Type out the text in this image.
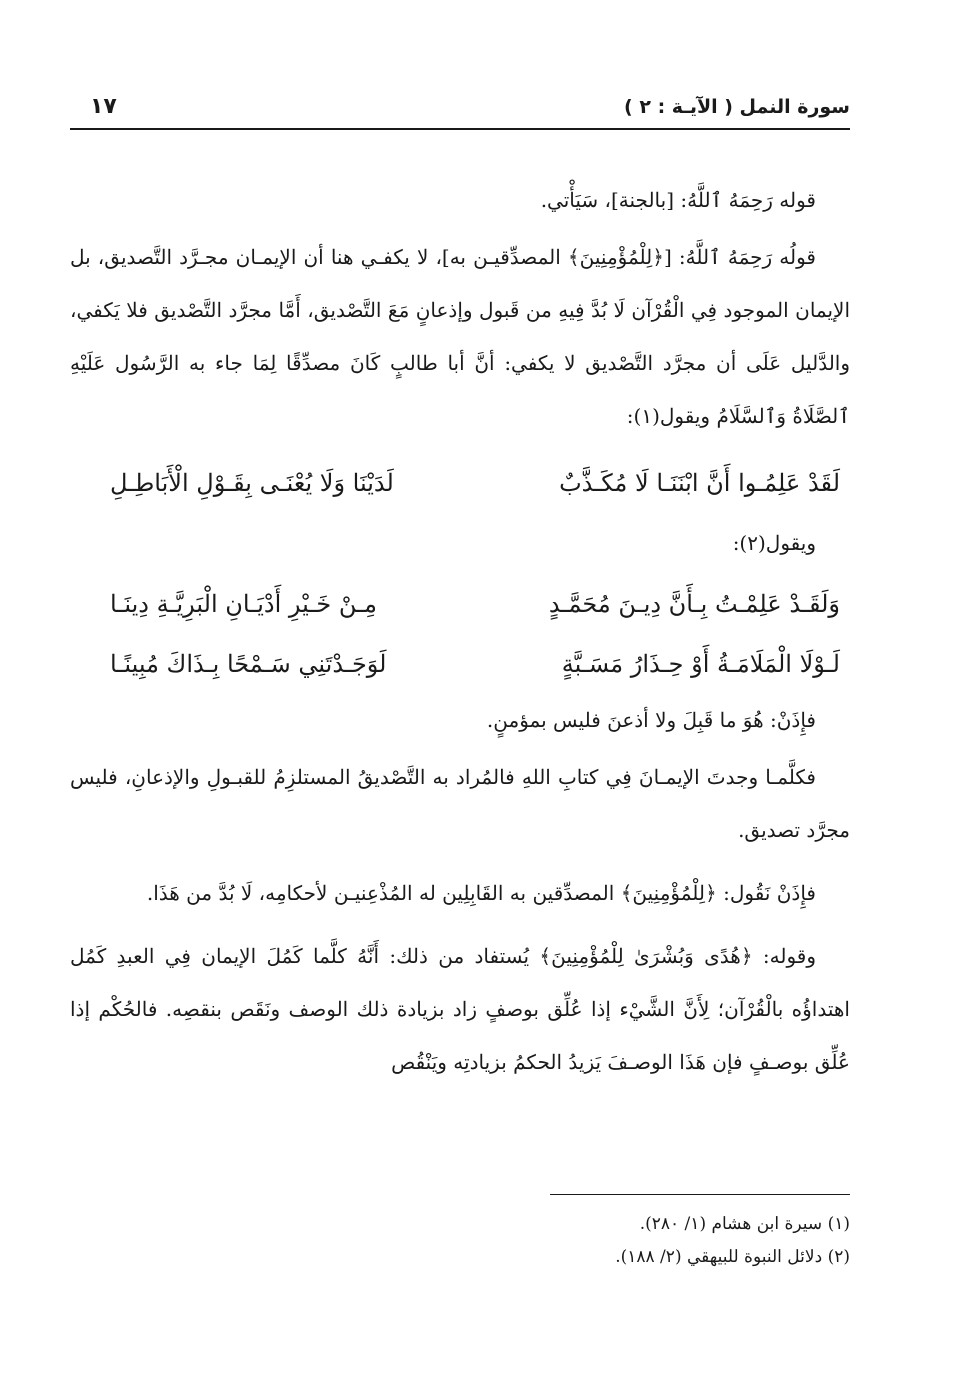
سورة النمل ( الآيـة : ٢ )
١٧

قوله رَحِمَهُ ٱللَّهُ: [بالجنة]، سَيَأْتي.

قولُه رَحِمَهُ ٱللَّهُ: [﴿لِلْمُؤْمِنِينَ﴾ المصدِّقيـن به]، لا يكفـي هنا أن الإيمـان مجـرَّد التَّصديق، بل الإيمان الموجود فِي الْقُرْآن لَا بُدَّ فِيهِ من قَبول وإذعانٍ مَعَ التَّصْديق، أَمَّا مجرَّد التَّصْديق فلا يَكفي، والدَّليل عَلَى أن مجرَّد التَّصْديق لا يكفي: أنَّ أبا طالبٍ كَانَ مصدِّقًا لِمَا جاء به الرَّسُول عَلَيْهِ ٱلصَّلَاةُ وَٱلسَّلَامُ ويقول(١):

لَقَدْ عَلِمُـوا أَنَّ ابْنَنَـا لَا مُكَـذَّبٌ
لَدَيْنَا وَلَا يُعْنَـى بِقَـوْلِ الْأَبَاطِـلِ

ويقول(٢):

وَلَقَـدْ عَلِمْـتُ بِـأَنَّ دِيـنَ مُحَمَّـدٍ
مِـنْ خَـيْرِ أَدْيَـانِ الْبَرِيَّـةِ دِينَـا
لَـوْلَا الْمَلَامَـةُ أَوْ حِـذَارُ مَسَـبَّةٍ
لَوَجَـدْتَنِي سَـمْحًا بِـذَاكَ مُبِينًـا

فإِذَنْ: هُوَ ما قَبِلَ ولا أذعنَ فليس بمؤمنٍ.

فكلَّمـا وجدتَ الإيمـانَ فِي كتابِ اللهِ فالمُراد به التَّصْديقُ المستلزِمُ للقبـولِ والإذعانِ، فليس مجرَّد تصديق.

فإِذَنْ نَقُول: ﴿لِلْمُؤْمِنِينَ﴾ المصدِّقين به القَابِلِين له المُذْعِنيـن لأحكامِه، لَا بُدَّ من هَذَا.

وقوله: ﴿هُدًى وَبُشْرَىٰ لِلْمُؤْمِنِينَ﴾ يُستفاد من ذلك: أَنَّهُ كلَّما كَمُلَ الإيمان فِي العبدِ كَمُل اهتداؤُه بالْقُرْآن؛ لِأَنَّ الشَّيْء إذا عُلِّق بوصفٍ زاد بزيادة ذلك الوصف ونَقَص بنقصِه. فالحُكْم إذا عُلِّق بوصـفٍ فإن هَذَا الوصـفَ يَزيدُ الحكمُ بزيادتِه ويَنْقُص

(١) سيرة ابن هشام (١/ ٢٨٠).

(٢) دلائل النبوة للبيهقي (٢/ ١٨٨).
